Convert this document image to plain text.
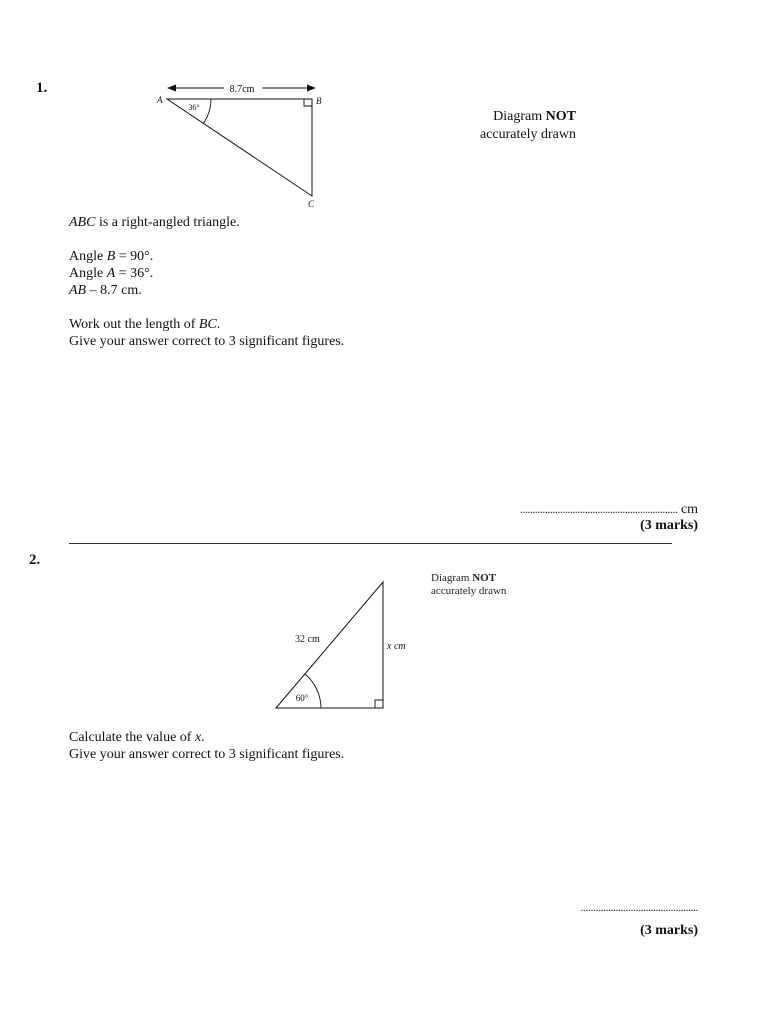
1.	8.7cm
36°
A	B
C
Diagram NOT
accurately drawn
ABC is a right-angled triangle.
Angle B = 90°.
Angle A = 36°.
AB – 8.7 cm.
Work out the length of BC.
Give your answer correct to 3 significant figures.
............................................................... cm
(3 marks)
2.
60°
32 cm
x cm
Diagram NOT
accurately drawn
Calculate the value of x.
Give your answer correct to 3 significant figures.
...............................................
(3 marks)
